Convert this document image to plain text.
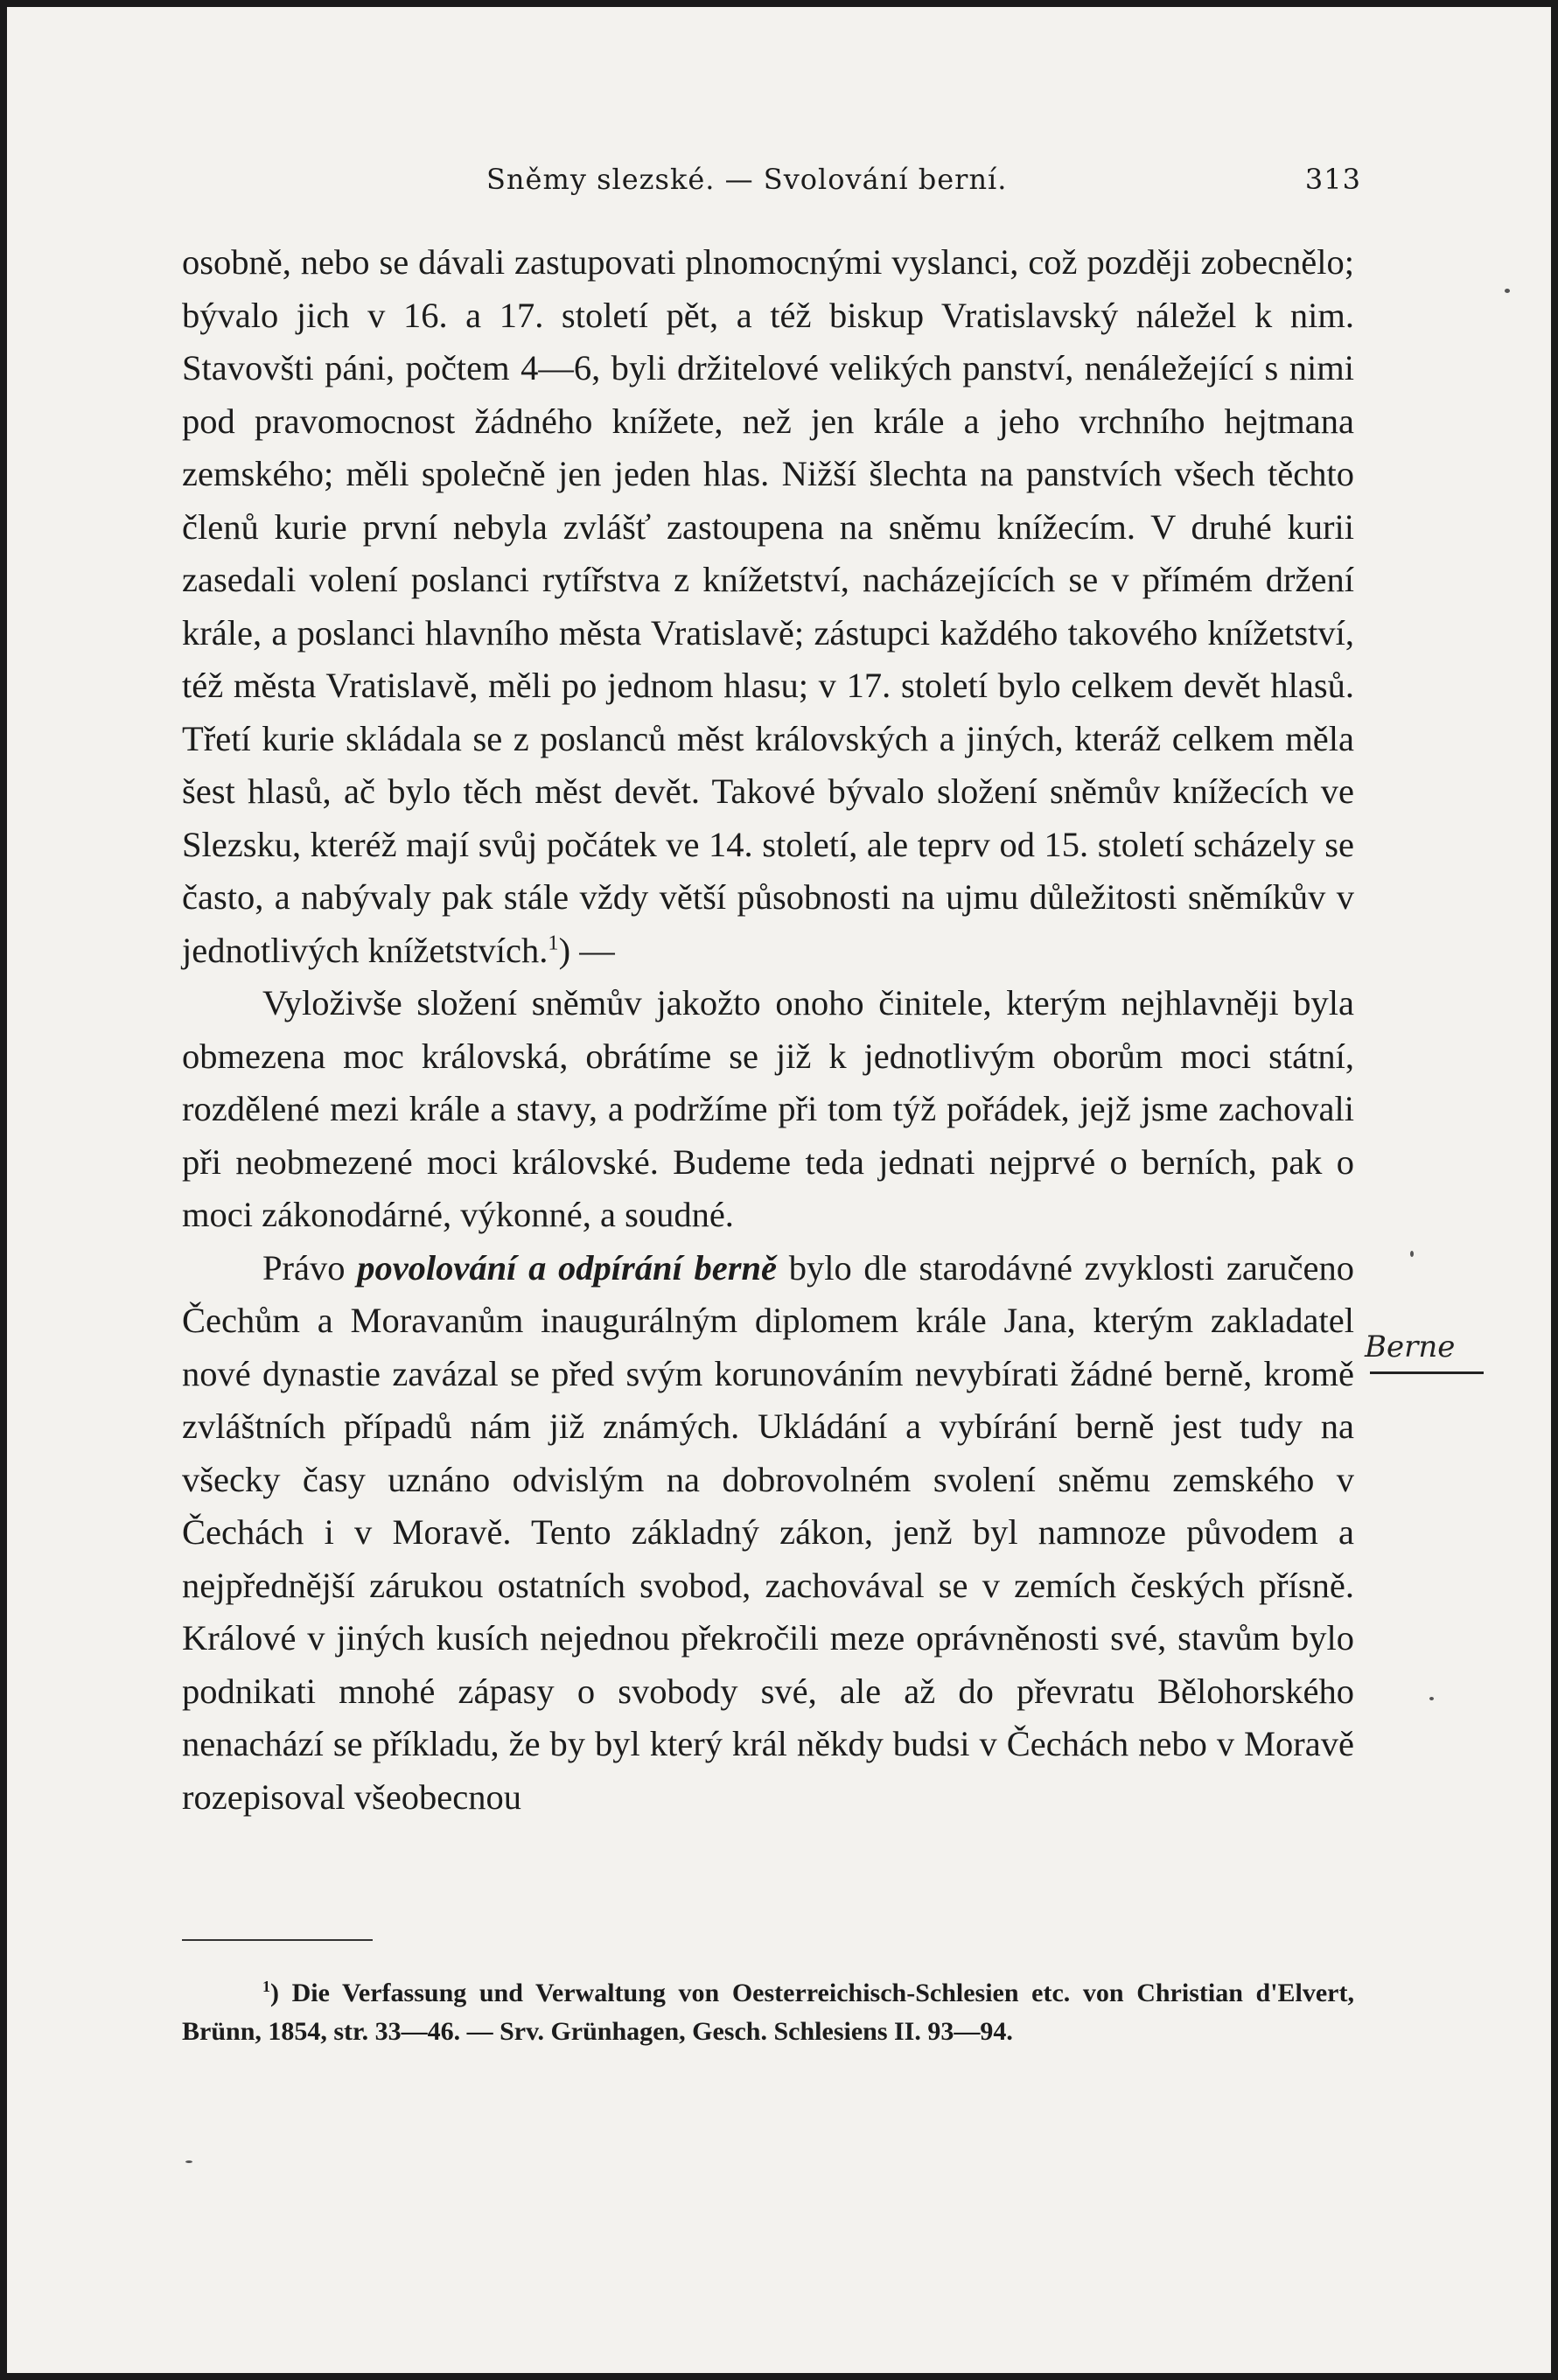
Sněmy slezské. — Svolování berní.	313

osobně, nebo se dávali zastupovati plnomocnými vyslanci, což později zobecnělo; bývalo jich v 16. a 17. století pět, a též biskup Vratislavský náležel k nim. Stavovšti páni, počtem 4—6, byli držitelové velikých panství, nenáležející s nimi pod pravomocnost žádného knížete, než jen krále a jeho vrchního hejtmana zemského; měli společně jen jeden hlas. Nižší šlechta na panstvích všech těchto členů kurie první nebyla zvlášť zastoupena na sněmu knížecím. V druhé kurii zasedali volení poslanci rytířstva z knížetství, nacházejících se v přímém držení krále, a poslanci hlavního města Vratislavě; zástupci každého takového knížetství, též města Vratislavě, měli po jednom hlasu; v 17. století bylo celkem devět hlasů. Třetí kurie skládala se z poslanců měst královských a jiných, kteráž celkem měla šest hlasů, ač bylo těch měst devět. Takové bývalo složení sněmův knížecích ve Slezsku, kteréž mají svůj počátek ve 14. století, ale teprv od 15. století scházely se často, a nabývaly pak stále vždy větší působnosti na ujmu důležitosti sněmíkův v jednotlivých knížetstvích.$^1$) —

Vyloživše složení sněmův jakožto onoho činitele, kterým nejhlavněji byla obmezena moc královská, obrátíme se již k jednotlivým oborům moci státní, rozdělené mezi krále a stavy, a podržíme při tom týž pořádek, jejž jsme zachovali při neobmezené moci královské. Budeme teda jednati nejprvé o berních, pak o moci zákonodárné, výkonné, a soudné.

Právo povolování a odpírání berně bylo dle starodávné zvyklosti zaručeno Čechům a Moravanům inaugurálným diplomem krále Jana, kterým zakladatel nové dynastie zavázal se před svým korunováním nevybírati žádné berně, kromě zvláštních případů nám již známých. Ukládání a vybírání berně jest tudy na všecky časy uznáno odvislým na dobrovolném svolení sněmu zemského v Čechách i v Moravě. Tento základný zákon, jenž byl namnoze původem a nejpřednější zárukou ostatních svobod, zachovával se v zemích českých přísně. Králové v jiných kusích nejednou překročili meze oprávněnosti své, stavům bylo podnikati mnohé zápasy o svobody své, ale až do převratu Bělohorského nenachází se příkladu, že by byl který král někdy budsi v Čechách nebo v Moravě rozepisoval všeobecnou

Berne

$^1$) Die Verfassung und Verwaltung von Oesterreichisch-Schlesien etc. von Christian d'Elvert, Brünn, 1854, str. 33—46. — Srv. Grünhagen, Gesch. Schlesiens II. 93—94.
